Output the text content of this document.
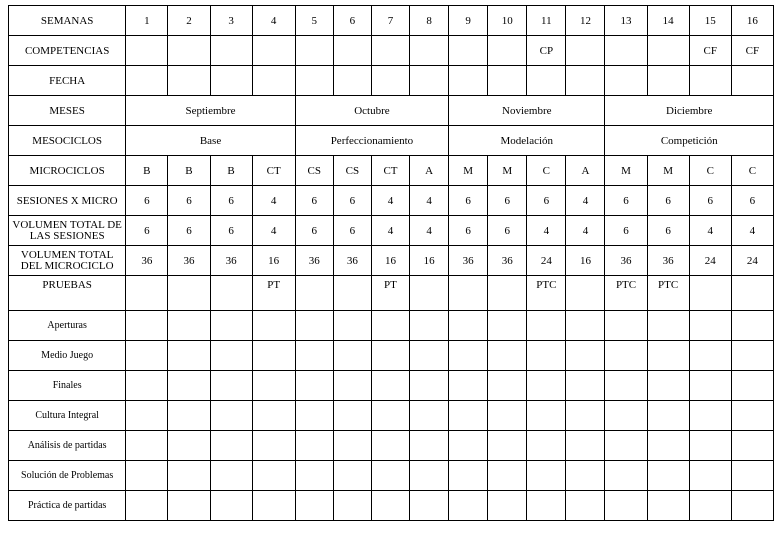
SEMANAS	1	2	3	4	5	6	7	8	9	10	11	12	13	14	15	16
COMPETENCIAS											CP				CF	CF
FECHA																
MESES	Septiembre				Octubre				Noviembre				Diciembre			
MESOCICLOS	Base				Perfeccionamiento				Modelación				Competición			
MICROCICLOS	B	B	B	CT	CS	CS	CT	A	M	M	C	A	M	M	C	C
SESIONES X MICRO	6	6	6	4	6	6	4	4	6	6	6	4	6	6	6	6
VOLUMEN TOTAL DE LAS SESIONES	6	6	6	4	6	6	4	4	6	6	4	4	6	6	4	4
VOLUMEN TOTAL DEL MICROCICLO	36	36	36	16	36	36	16	16	36	36	24	16	36	36	24	24
PRUEBAS				PT			PT				PTC		PTC	PTC		
Aperturas																
Medio Juego																
Finales																
Cultura Integral																
Análisis de partidas																
Solución de Problemas																
Práctica de partidas																
